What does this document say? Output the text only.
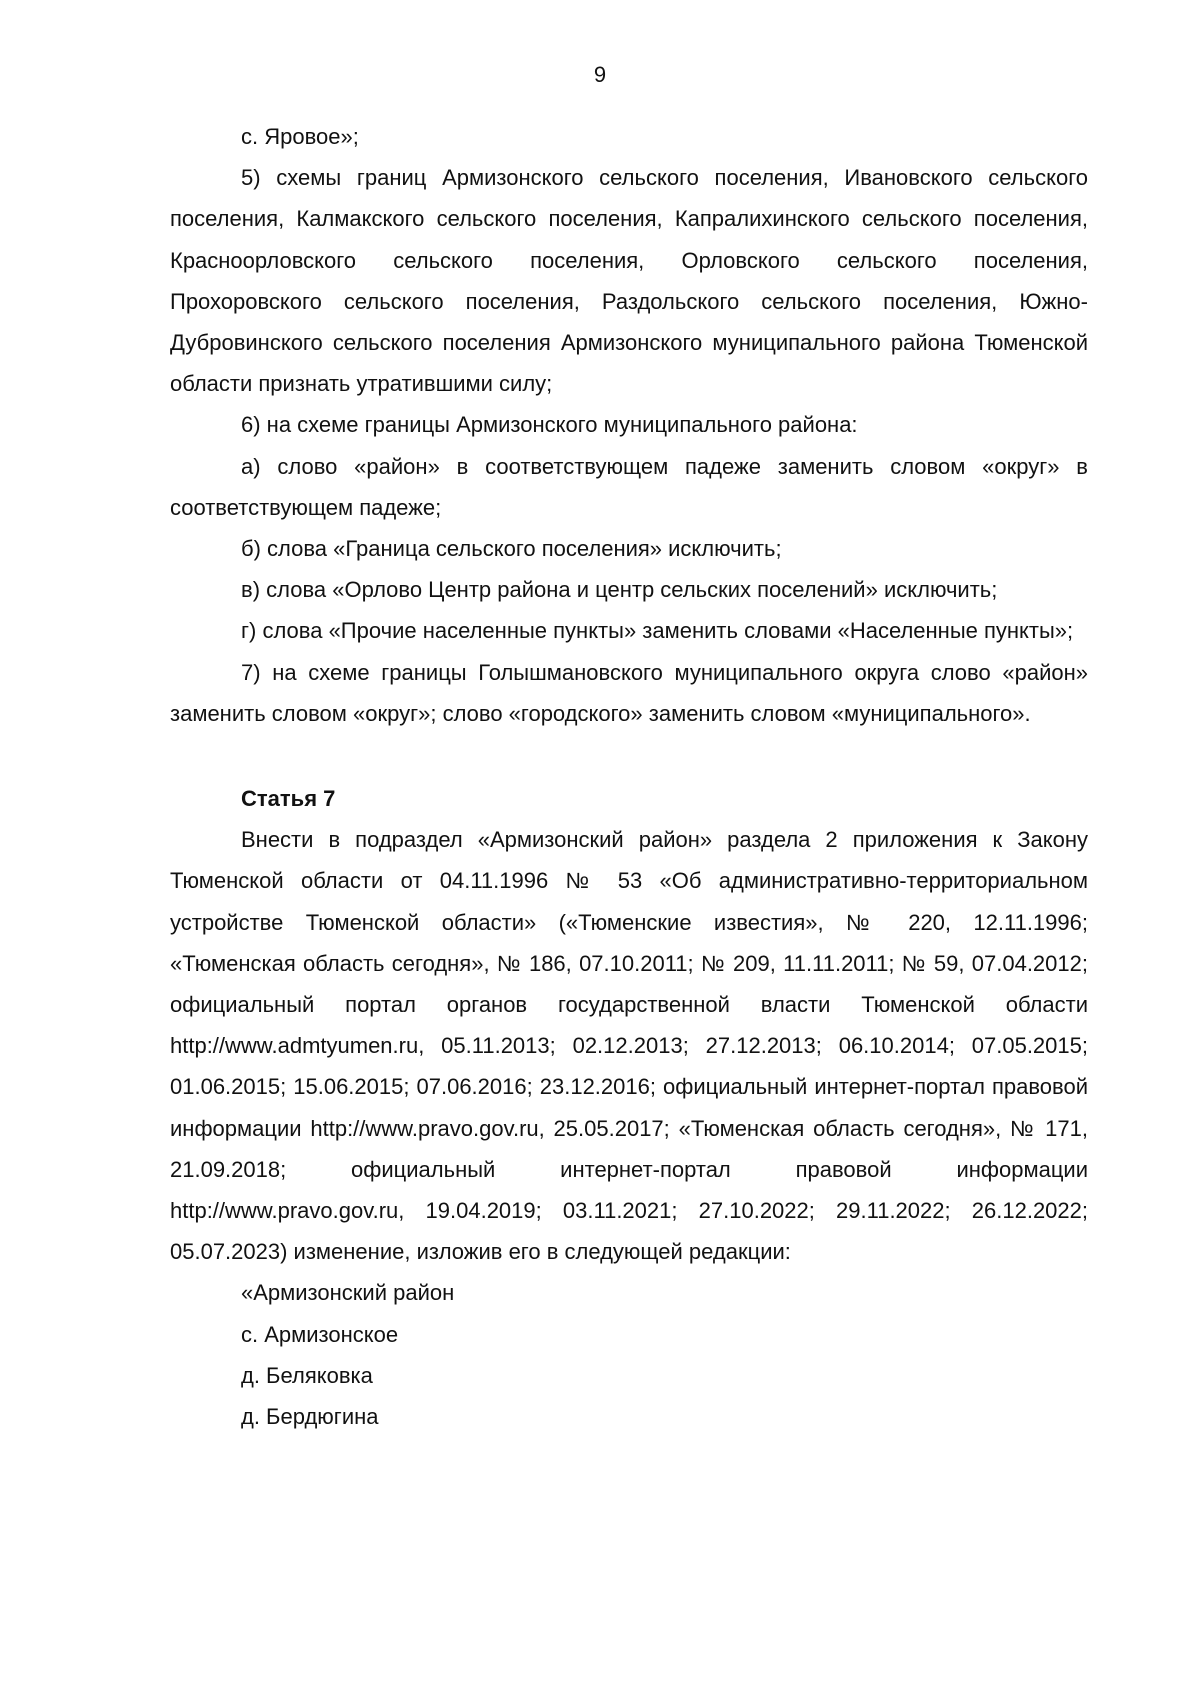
9

с. Яровое»;

5) схемы границ Армизонского сельского поселения, Ивановского сельского поселения, Калмакского сельского поселения, Капралихинского сельского поселения, Красноорловского сельского поселения, Орловского сельского поселения, Прохоровского сельского поселения, Раздольского сельского поселения, Южно-Дубровинского сельского поселения Армизонского муниципального района Тюменской области признать утратившими силу;

6) на схеме границы Армизонского муниципального района:

а) слово «район» в соответствующем падеже заменить словом «округ» в соответствующем падеже;

б) слова «Граница сельского поселения» исключить;

в) слова «Орлово Центр района и центр сельских поселений» исключить;

г) слова «Прочие населенные пункты» заменить словами «Населенные пункты»;

7) на схеме границы Голышмановского муниципального округа слово «район» заменить словом «округ»; слово «городского» заменить словом «муниципального».

Статья 7

Внести в подраздел «Армизонский район» раздела 2 приложения к Закону Тюменской области от 04.11.1996 № 53 «Об административно-территориальном устройстве Тюменской области» («Тюменские известия», № 220, 12.11.1996; «Тюменская область сегодня», № 186, 07.10.2011; № 209, 11.11.2011; № 59, 07.04.2012; официальный портал органов государственной власти Тюменской области http://www.admtyumen.ru, 05.11.2013; 02.12.2013; 27.12.2013; 06.10.2014; 07.05.2015; 01.06.2015; 15.06.2015; 07.06.2016; 23.12.2016; официальный интернет-портал правовой информации http://www.pravo.gov.ru, 25.05.2017; «Тюменская область сегодня», № 171, 21.09.2018; официальный интернет-портал правовой информации http://www.pravo.gov.ru, 19.04.2019; 03.11.2021; 27.10.2022; 29.11.2022; 26.12.2022; 05.07.2023) изменение, изложив его в следующей редакции:

«Армизонский район

с. Армизонское

д. Беляковка

д. Бердюгина
